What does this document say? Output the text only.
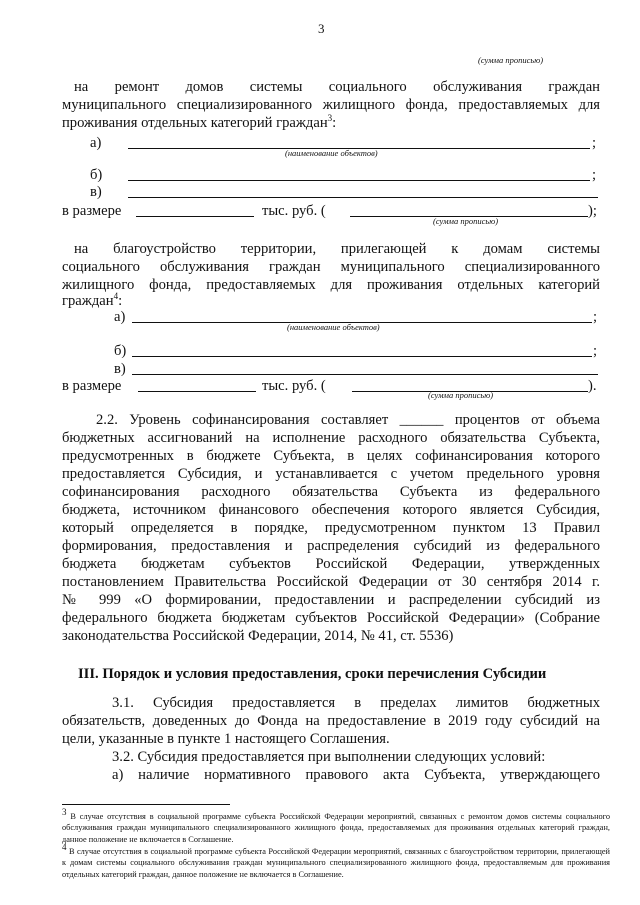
3
(сумма прописью)
на ремонт домов системы социального обслуживания граждан
муниципального специализированного жилищного фонда, предоставляемых для
проживания отдельных категорий граждан$^3$:
а)	;
(наименование объектов)
б)	;
в)
в размере	тыс. руб. (	);
(сумма прописью)
на благоустройство территории, прилегающей к домам системы
социального обслуживания граждан муниципального специализированного
жилищного фонда, предоставляемых для проживания отдельных категорий
граждан$^4$:
а)	;
(наименование объектов)
б)	;
в)
в размере	тыс. руб. (	).
(сумма прописью)
2.2. Уровень софинансирования составляет ______ процентов от объема
бюджетных ассигнований на исполнение расходного обязательства Субъекта,
предусмотренных в бюджете Субъекта, в целях софинансирования которого
предоставляется Субсидия, и устанавливается с учетом предельного уровня
софинансирования расходного обязательства Субъекта из федерального
бюджета, источником финансового обеспечения которого является Субсидия,
который определяется в порядке, предусмотренном пунктом 13 Правил
формирования, предоставления и распределения субсидий из федерального
бюджета бюджетам субъектов Российской Федерации, утвержденных
постановлением Правительства Российской Федерации от 30 сентября 2014 г.
№ 999 «О формировании, предоставлении и распределении субсидий из
федерального бюджета бюджетам субъектов Российской Федерации» (Собрание
законодательства Российской Федерации, 2014, № 41, ст. 5536)
III. Порядок и условия предоставления, сроки перечисления Субсидии
3.1. Субсидия предоставляется в пределах лимитов бюджетных
обязательств, доведенных до Фонда на предоставление в 2019 году субсидий на
цели, указанные в пункте 1 настоящего Соглашения.
3.2. Субсидия предоставляется при выполнении следующих условий:
а) наличие нормативного правового акта Субъекта, утверждающего
$^3$ В случае отсутствия в социальной программе субъекта Российской Федерации мероприятий, связанных с ремонтом домов системы социального обслуживания граждан муниципального специализированного жилищного фонда, предоставляемых для проживания отдельных категорий граждан, данное положение не включается в Соглашение.
$^4$ В случае отсутствия в социальной программе субъекта Российской Федерации мероприятий, связанных с благоустройством территории, прилегающей к домам системы социального обслуживания граждан муниципального специализированного жилищного фонда, предоставляемым для проживания отдельных категорий граждан, данное положение не включается в Соглашение.
